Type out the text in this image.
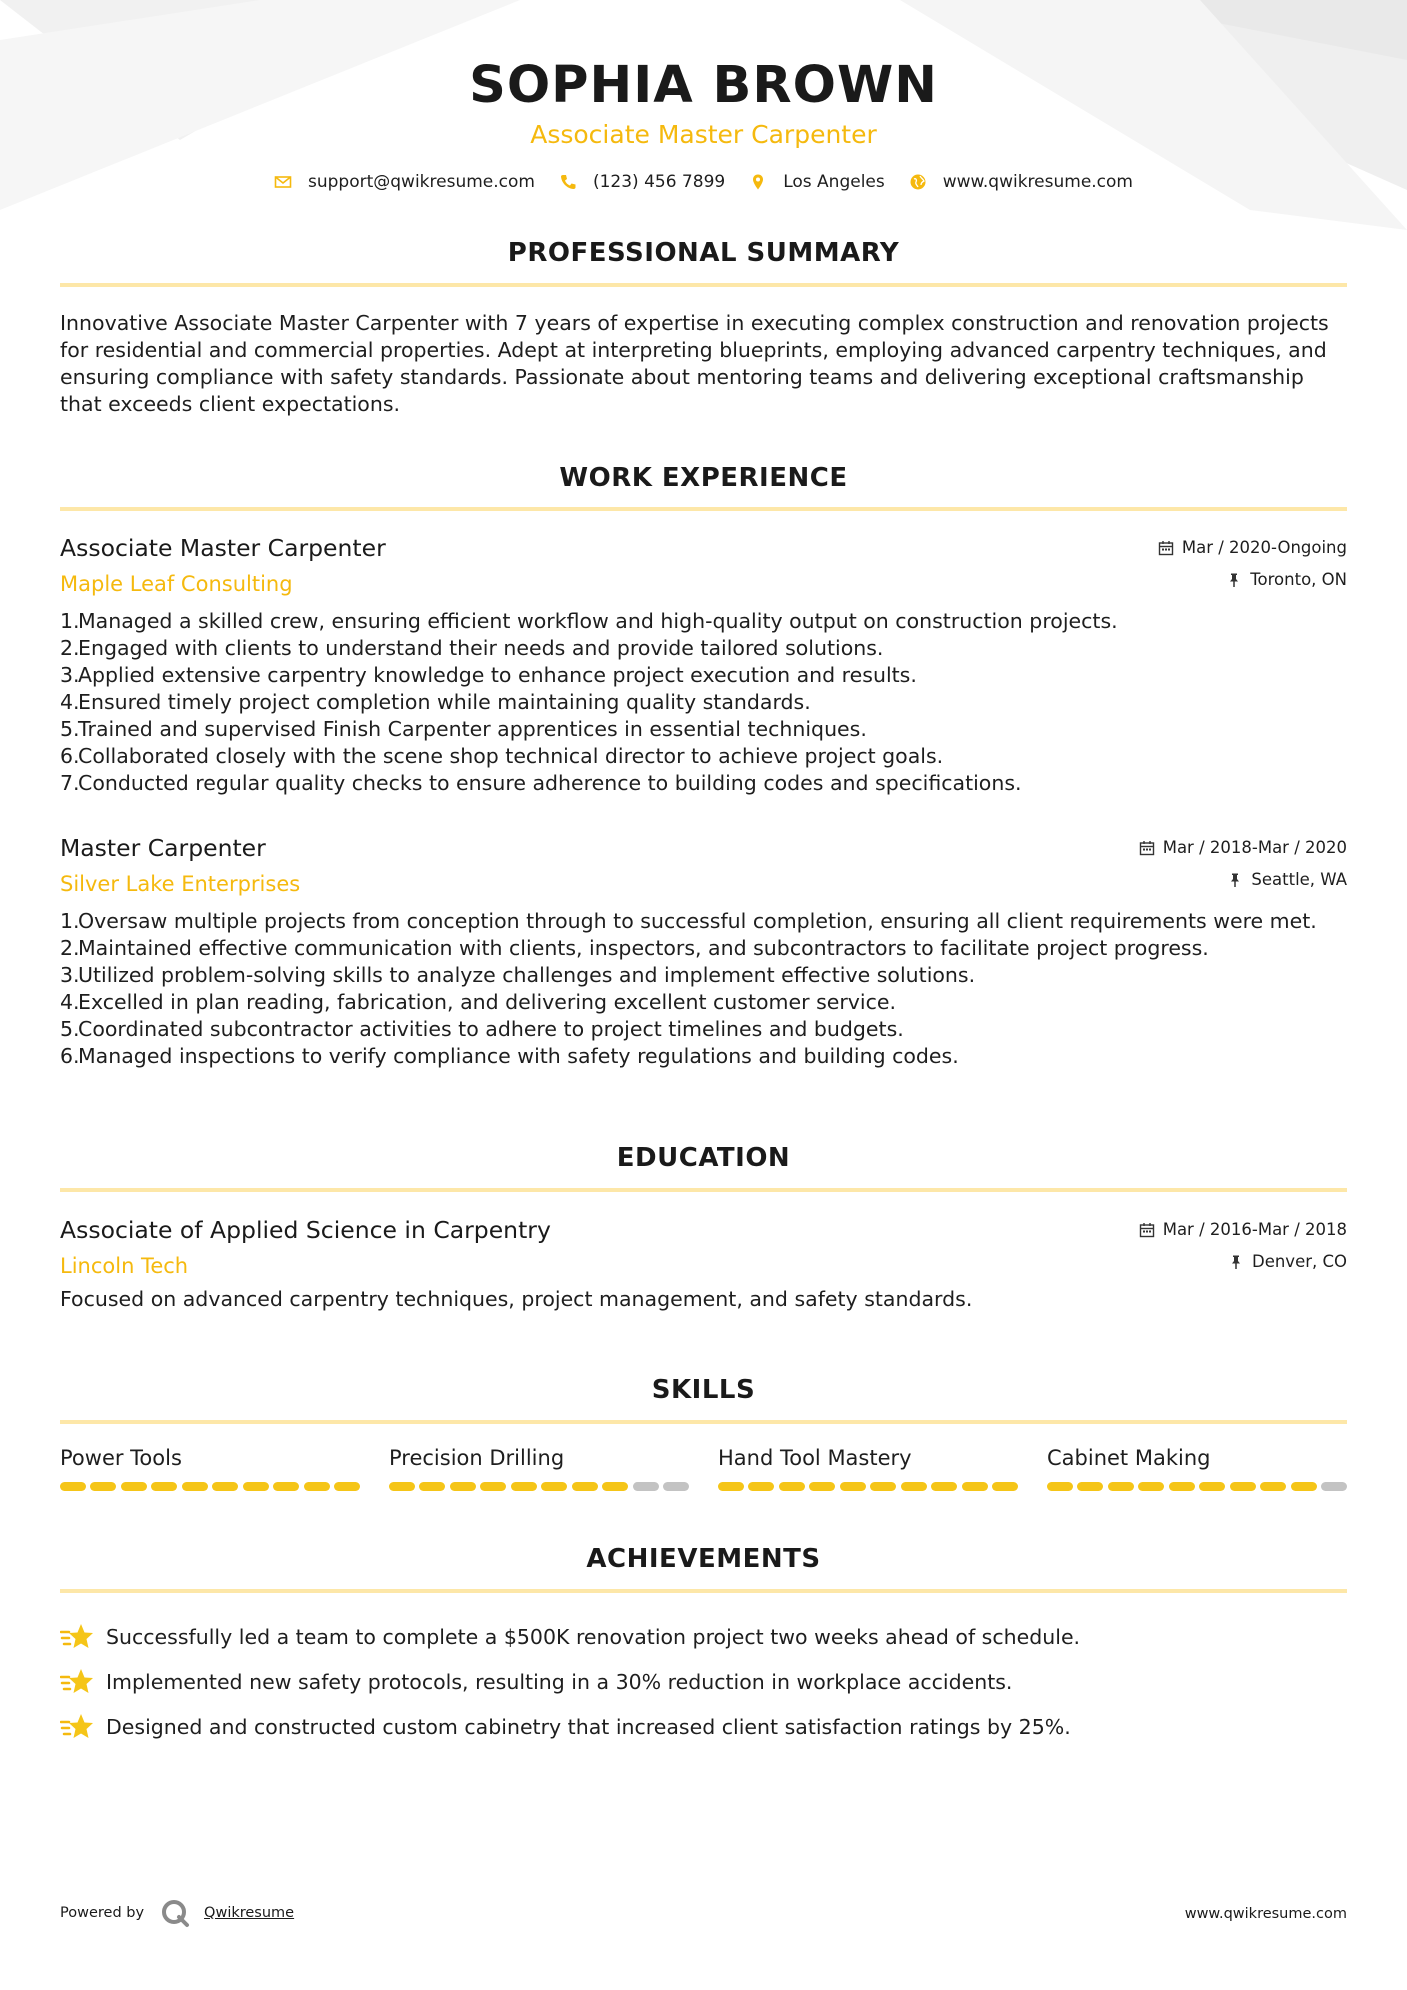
SOPHIA BROWN
Associate Master Carpenter
support@qwikresume.com	(123) 456 7899	Los Angeles	www.qwikresume.com
PROFESSIONAL SUMMARY
Innovative Associate Master Carpenter with 7 years of expertise in executing complex construction and renovation projects for residential and commercial properties. Adept at interpreting blueprints, employing advanced carpentry techniques, and ensuring compliance with safety standards. Passionate about mentoring teams and delivering exceptional craftsmanship that exceeds client expectations.
WORK EXPERIENCE
Associate Master Carpenter
Maple Leaf Consulting
Mar / 2020-Ongoing
Toronto, ON
1.
Managed a skilled crew, ensuring efficient workflow and high-quality output on construction projects.
2.
Engaged with clients to understand their needs and provide tailored solutions.
3.
Applied extensive carpentry knowledge to enhance project execution and results.
4.
Ensured timely project completion while maintaining quality standards.
5.
Trained and supervised Finish Carpenter apprentices in essential techniques.
6.
Collaborated closely with the scene shop technical director to achieve project goals.
7.
Conducted regular quality checks to ensure adherence to building codes and specifications.
Master Carpenter
Silver Lake Enterprises
Mar / 2018-Mar / 2020
Seattle, WA
1.
Oversaw multiple projects from conception through to successful completion, ensuring all client requirements were met.
2.
Maintained effective communication with clients, inspectors, and subcontractors to facilitate project progress.
3.
Utilized problem-solving skills to analyze challenges and implement effective solutions.
4.
Excelled in plan reading, fabrication, and delivering excellent customer service.
5.
Coordinated subcontractor activities to adhere to project timelines and budgets.
6.
Managed inspections to verify compliance with safety regulations and building codes.
EDUCATION
Associate of Applied Science in Carpentry
Lincoln Tech
Mar / 2016-Mar / 2018
Denver, CO
Focused on advanced carpentry techniques, project management, and safety standards.
SKILLS
Power Tools	Precision Drilling	Hand Tool Mastery	Cabinet Making
ACHIEVEMENTS
Successfully led a team to complete a $500K renovation project two weeks ahead of schedule.
Implemented new safety protocols, resulting in a 30% reduction in workplace accidents.
Designed and constructed custom cabinetry that increased client satisfaction ratings by 25%.
Powered by	Qwikresume	www.qwikresume.com
